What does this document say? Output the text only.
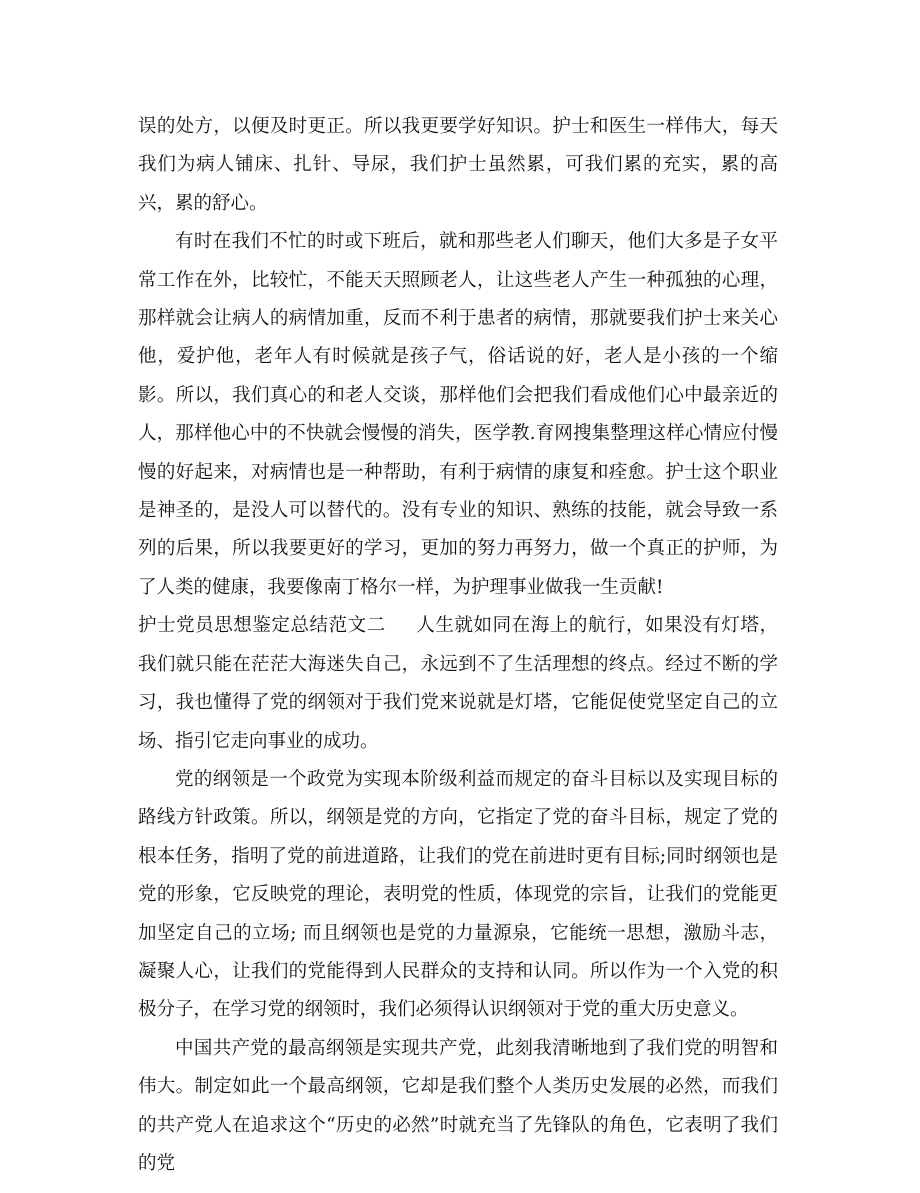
误的处方，以便及时更正。所以我更要学好知识。护士和医生一样伟大，每天我们为病人铺床、扎针、导尿，我们护士虽然累，可我们累的充实，累的高兴，累的舒心。

有时在我们不忙的时或下班后，就和那些老人们聊天，他们大多是子女平常工作在外，比较忙，不能天天照顾老人，让这些老人产生一种孤独的心理，那样就会让病人的病情加重，反而不利于患者的病情，那就要我们护士来关心他，爱护他，老年人有时候就是孩子气，俗话说的好，老人是小孩的一个缩影。所以，我们真心的和老人交谈，那样他们会把我们看成他们心中最亲近的人，那样他心中的不快就会慢慢的消失，医学教.育网搜集整理这样心情应付慢慢的好起来，对病情也是一种帮助，有利于病情的康复和痊愈。护士这个职业是神圣的，是没人可以替代的。没有专业的知识、熟练的技能，就会导致一系列的后果，所以我要更好的学习，更加的努力再努力，做一个真正的护师，为了人类的健康，我要像南丁格尔一样，为护理事业做我一生贡献!

护士党员思想鉴定总结范文二 人生就如同在海上的航行，如果没有灯塔，我们就只能在茫茫大海迷失自己，永远到不了生活理想的终点。经过不断的学习，我也懂得了党的纲领对于我们党来说就是灯塔，它能促使党坚定自己的立场、指引它走向事业的成功。

党的纲领是一个政党为实现本阶级利益而规定的奋斗目标以及实现目标的路线方针政策。所以，纲领是党的方向，它指定了党的奋斗目标，规定了党的根本任务，指明了党的前进道路，让我们的党在前进时更有目标;同时纲领也是党的形象，它反映党的理论，表明党的性质，体现党的宗旨，让我们的党能更加坚定自己的立场; 而且纲领也是党的力量源泉，它能统一思想，激励斗志，凝聚人心，让我们的党能得到人民群众的支持和认同。所以作为一个入党的积极分子，在学习党的纲领时，我们必须得认识纲领对于党的重大历史意义。

中国共产党的最高纲领是实现共产党，此刻我清晰地到了我们党的明智和伟大。制定如此一个最高纲领，它却是我们整个人类历史发展的必然，而我们的共产党人在追求这个“历史的必然”时就充当了先锋队的角色，它表明了我们的党
